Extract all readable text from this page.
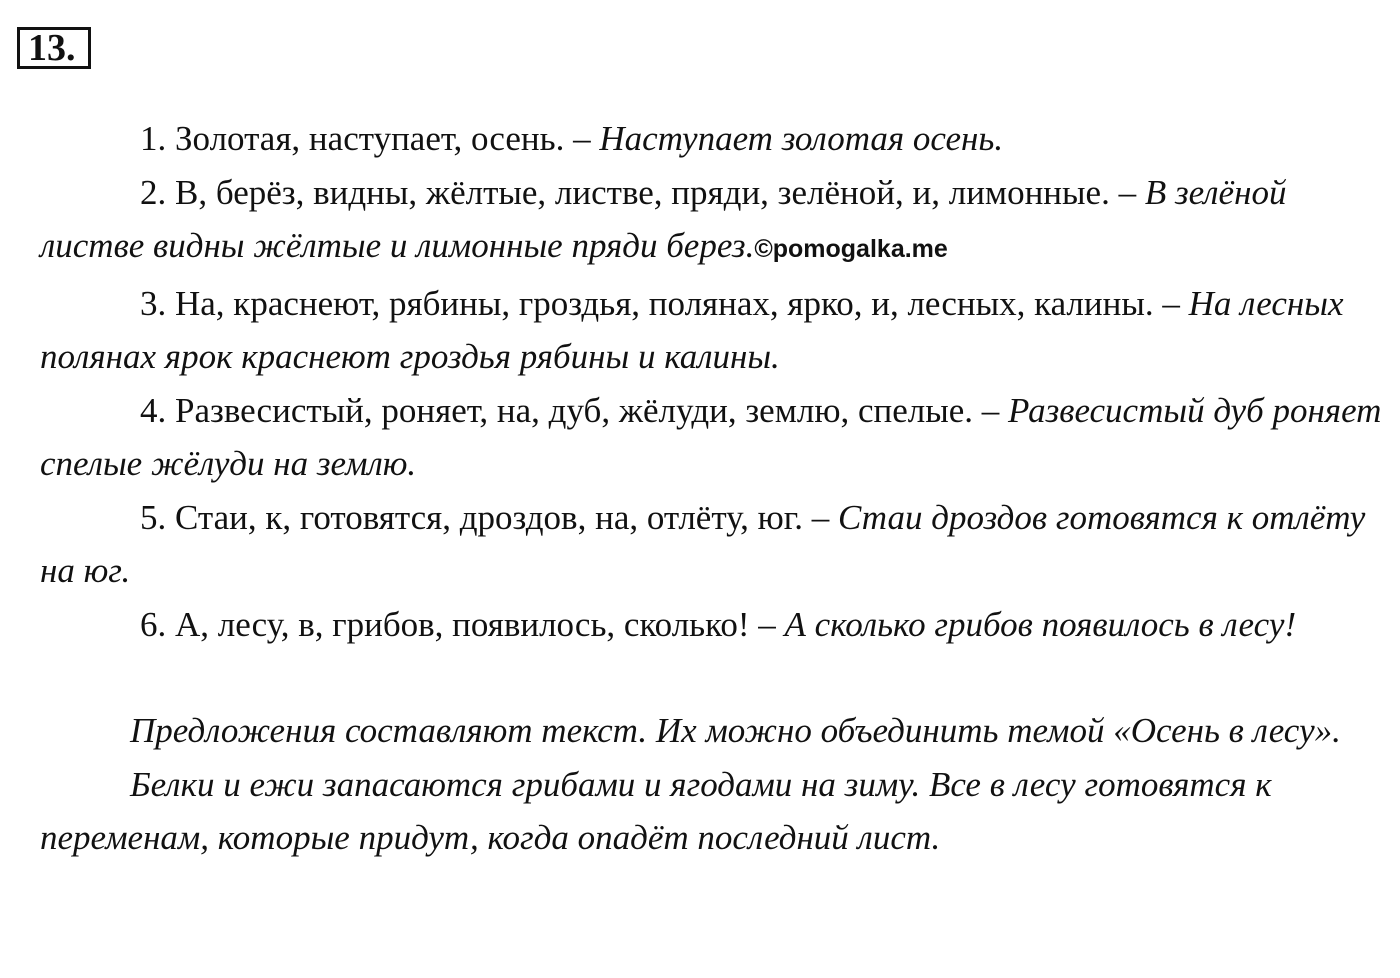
13.

1. Золотая, наступает, осень. – Наступает золотая осень.

2. В, берёз, видны, жёлтые, листве, пряди, зелёной, и, лимонные. – В зелёной листве видны жёлтые и лимонные пряди берез.©pomogalka.me

3. На, краснеют, рябины, гроздья, полянах, ярко, и, лесных, калины. – На лесных полянах ярок краснеют гроздья рябины и калины.

4. Развесистый, роняет, на, дуб, жёлуди, землю, спелые. – Развесистый дуб роняет спелые жёлуди на землю.

5. Стаи, к, готовятся, дроздов, на, отлёту, юг. – Стаи дроздов готовятся к отлёту на юг.

6. А, лесу, в, грибов, появилось, сколько! – А сколько грибов появилось в лесу!

Предложения составляют текст. Их можно объединить темой «Осень в лесу».

Белки и ежи запасаются грибами и ягодами на зиму. Все в лесу готовятся к переменам, которые придут, когда опадёт последний лист.
